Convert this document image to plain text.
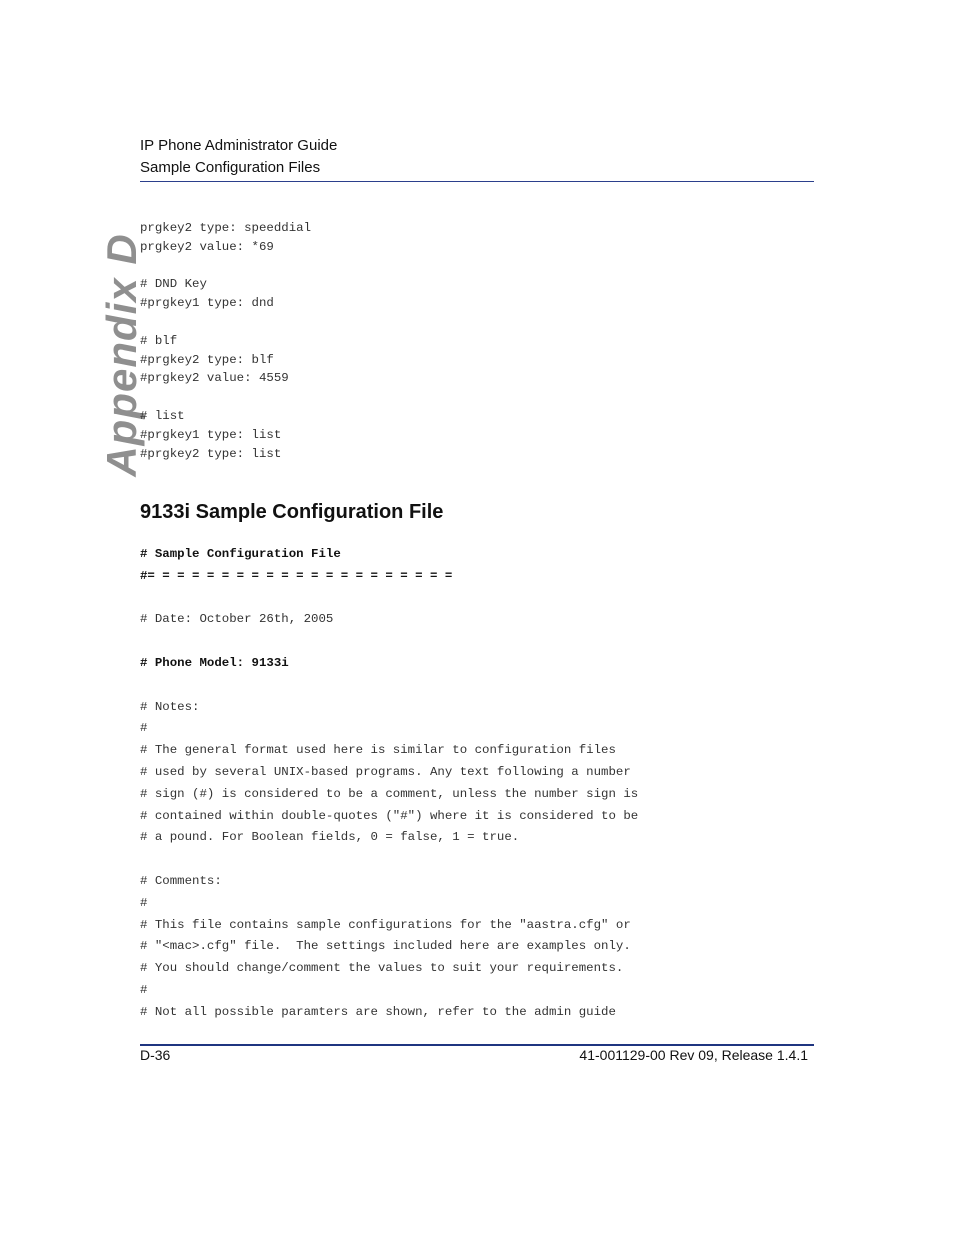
IP Phone Administrator Guide
Sample Configuration Files
Appendix D
prgkey2 type: speeddial
prgkey2 value: *69
# DND Key
#prgkey1 type: dnd
# blf
#prgkey2 type: blf
#prgkey2 value: 4559
# list
#prgkey1 type: list
#prgkey2 type: list
9133i Sample Configuration File
# Sample Configuration File
#= = = = = = = = = = = = = = = = = = = = =
# Date: October 26th, 2005
# Phone Model: 9133i
# Notes:
#
# The general format used here is similar to configuration files
# used by several UNIX-based programs. Any text following a number
# sign (#) is considered to be a comment, unless the number sign is
# contained within double-quotes ("#") where it is considered to be
# a pound. For Boolean fields, 0 = false, 1 = true.
# Comments:
#
# This file contains sample configurations for the "aastra.cfg" or
# "<mac>.cfg" file.  The settings included here are examples only.
# You should change/comment the values to suit your requirements.
#
# Not all possible paramters are shown, refer to the admin guide
D-36	41-001129-00 Rev 09, Release 1.4.1
